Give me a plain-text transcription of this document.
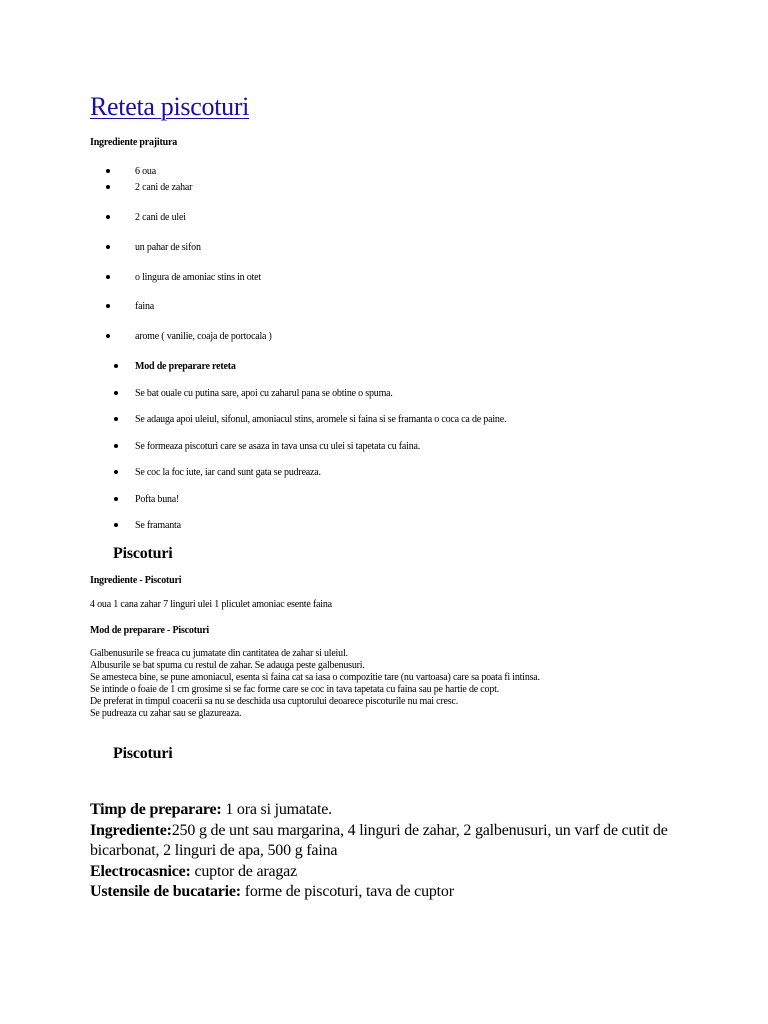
Reteta piscoturi
Ingrediente prajitura
6 oua
2 cani de zahar
2 cani de ulei
un pahar de sifon
o lingura de amoniac stins in otet
faina
arome ( vanilie, coaja de portocala )
Mod de preparare reteta
Se bat ouale cu putina sare, apoi cu zaharul pana se obtine o spuma.
Se adauga apoi uleiul, sifonul, amoniacul stins, aromele si faina si se framanta o coca ca de paine.
Se formeaza piscoturi care se asaza in tava unsa cu ulei si tapetata cu faina.
Se coc la foc iute, iar cand sunt gata se pudreaza.
Pofta buna!
Se framanta
Piscoturi
Ingrediente - Piscoturi
4 oua 1 cana zahar 7 linguri ulei 1 pliculet amoniac esente faina
Mod de preparare - Piscoturi
Galbenusurile se freaca cu jumatate din cantitatea de zahar si uleiul.
Albusurile se bat spuma cu restul de zahar. Se adauga peste galbenusuri.
Se amesteca bine, se pune amoniacul, esenta si faina cat sa iasa o compozitie tare (nu vartoasa) care sa poata fi intinsa.
Se intinde o foaie de 1 cm grosime si se fac forme care se coc in tava tapetata cu faina sau pe hartie de copt.
De preferat in timpul coacerii sa nu se deschida usa cuptorului deoarece piscoturile nu mai cresc.
Se pudreaza cu zahar sau se glazureaza.
Piscoturi
Timp de preparare: 1 ora si jumatate.
Ingrediente:250 g de unt sau margarina, 4 linguri de zahar, 2 galbenusuri, un varf de cutit de bicarbonat, 2 linguri de apa, 500 g faina
Electrocasnice: cuptor de aragaz
Ustensile de bucatarie: forme de piscoturi, tava de cuptor
